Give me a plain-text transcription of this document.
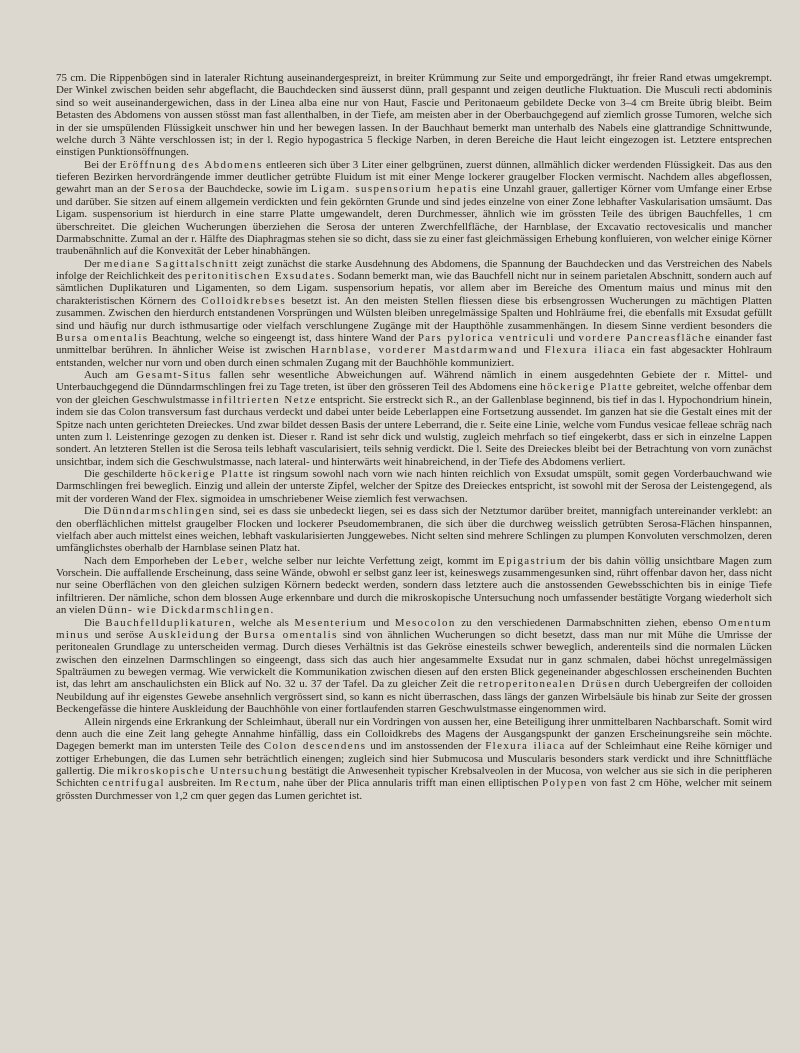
75 cm. Die Rippenbögen sind in lateraler Richtung auseinandergespreizt, in breiter Krümmung zur Seite und emporgedrängt, ihr freier Rand etwas umgekrempt. Der Winkel zwischen beiden sehr abgeflacht, die Bauchdecken sind äusserst dünn, prall gespannt und zeigen deutliche Fluktuation. Die Musculi recti abdominis sind so weit auseinandergewichen, dass in der Linea alba eine nur von Haut, Fascie und Peritonaeum gebildete Decke von 3–4 cm Breite übrig bleibt. Beim Betasten des Abdomens von aussen stösst man fast allenthalben, in der Tiefe, am meisten aber in der Oberbauchgegend auf ziemlich grosse Tumoren, welche sich in der sie umspülenden Flüssigkeit unschwer hin und her bewegen lassen. In der Bauchhaut bemerkt man unterhalb des Nabels eine glattrandige Schnittwunde, welche durch 3 Nähte verschlossen ist; in der l. Regio hypogastrica 5 fleckige Narben, in deren Bereiche die Haut leicht eingezogen ist. Letztere entsprechen einstigen Punktionsöffnungen.

Bei der Eröffnung des Abdomens entleeren sich über 3 Liter einer gelbgrünen, zuerst dünnen, allmählich dicker werdenden Flüssigkeit. Das aus den tieferen Bezirken hervordrängende immer deutlicher getrübte Fluidum ist mit einer Menge lockerer graugelber Flocken vermischt. Nachdem alles abgeflossen, gewahrt man an der Serosa der Bauchdecke, sowie im Ligam. suspensorium hepatis eine Unzahl grauer, gallertiger Körner vom Umfange einer Erbse und darüber. Sie sitzen auf einem allgemein verdickten und fein gekörnten Grunde und sind jedes einzelne von einer Zone lebhafter Vaskularisation umsäumt. Das Ligam. suspensorium ist hierdurch in eine starre Platte umgewandelt, deren Durchmesser, ähnlich wie im grössten Teile des übrigen Bauchfelles, 1 cm überschreitet. Die gleichen Wucherungen überziehen die Serosa der unteren Zwerchfellfläche, der Harnblase, der Excavatio rectovesicalis und mancher Darmabschnitte. Zumal an der r. Hälfte des Diaphragmas stehen sie so dicht, dass sie zu einer fast gleichmässigen Erhebung konfluieren, von welcher einige Körner traubenähnlich auf die Konvexität der Leber hinabhängen.

Der mediane Sagittalschnitt zeigt zunächst die starke Ausdehnung des Abdomens, die Spannung der Bauchdecken und das Verstreichen des Nabels infolge der Reichlichkeit des peritonitischen Exsudates. Sodann bemerkt man, wie das Bauchfell nicht nur in seinem parietalen Abschnitt, sondern auch auf sämtlichen Duplikaturen und Ligamenten, so dem Ligam. suspensorium hepatis, vor allem aber im Bereiche des Omentum maius und minus mit den charakteristischen Körnern des Colloidkrebses besetzt ist. An den meisten Stellen fliessen diese bis erbsengrossen Wucherungen zu mächtigen Platten zusammen. Zwischen den hierdurch entstandenen Vorsprüngen und Wülsten bleiben unregelmässige Spalten und Hohlräume frei, die ebenfalls mit Exsudat gefüllt sind und häufig nur durch isthmusartige oder vielfach verschlungene Zugänge mit der Haupthöhle zusammenhängen. In diesem Sinne verdient besonders die Bursa omentalis Beachtung, welche so eingeengt ist, dass hintere Wand der Pars pylorica ventriculi und vordere Pancreasfläche einander fast unmittelbar berühren. In ähnlicher Weise ist zwischen Harnblase, vorderer Mastdarmwand und Flexura iliaca ein fast abgesackter Hohlraum entstanden, welcher nur vorn und oben durch einen schmalen Zugang mit der Bauchhöhle kommuniziert.

Auch am Gesamt-Situs fallen sehr wesentliche Abweichungen auf. Während nämlich in einem ausgedehnten Gebiete der r. Mittel- und Unterbauchgegend die Dünndarmschlingen frei zu Tage treten, ist über den grösseren Teil des Abdomens eine höckerige Platte gebreitet, welche offenbar dem von der gleichen Geschwulstmasse infiltrierten Netze entspricht. Sie erstreckt sich R., an der Gallenblase beginnend, bis tief in das l. Hypochondrium hinein, indem sie das Colon transversum fast durchaus verdeckt und dabei unter beide Leberlappen eine Fortsetzung aussendet. Im ganzen hat sie die Gestalt eines mit der Spitze nach unten gerichteten Dreieckes. Und zwar bildet dessen Basis der untere Leberrand, die r. Seite eine Linie, welche vom Fundus vesicae felleae schräg nach unten zum l. Leistenringe gezogen zu denken ist. Dieser r. Rand ist sehr dick und wulstig, zugleich mehrfach so tief eingekerbt, dass er sich in einzelne Lappen sondert. An letzteren Stellen ist die Serosa teils lebhaft vascularisiert, teils sehnig verdickt. Die l. Seite des Dreieckes bleibt bei der Betrachtung von vorn zunächst unsichtbar, indem sich die Geschwulstmasse, nach lateral- und hinterwärts weit hinabreichend, in der Tiefe des Abdomens verliert.

Die geschilderte höckerige Platte ist ringsum sowohl nach vorn wie nach hinten reichlich von Exsudat umspült, somit gegen Vorderbauchwand wie Darmschlingen frei beweglich. Einzig und allein der unterste Zipfel, welcher der Spitze des Dreieckes entspricht, ist sowohl mit der Serosa der Leistengegend, als mit der vorderen Wand der Flex. sigmoidea in umschriebener Weise ziemlich fest verwachsen.

Die Dünndarmschlingen sind, sei es dass sie unbedeckt liegen, sei es dass sich der Netztumor darüber breitet, mannigfach untereinander verklebt: an den oberflächlichen mittelst graugelber Flocken und lockerer Pseudomembranen, die sich über die durchweg weisslich getrübten Serosa-Flächen hinspannen, vielfach aber auch mittelst eines weichen, lebhaft vaskularisierten Junggewebes. Nicht selten sind mehrere Schlingen zu plumpen Konvoluten verschmolzen, deren umfänglichstes oberhalb der Harnblase seinen Platz hat.

Nach dem Emporheben der Leber, welche selber nur leichte Verfettung zeigt, kommt im Epigastrium der bis dahin völlig unsichtbare Magen zum Vorschein. Die auffallende Erscheinung, dass seine Wände, obwohl er selbst ganz leer ist, keineswegs zusammengesunken sind, rührt offenbar davon her, dass nicht nur seine Oberflächen von den gleichen sulzigen Körnern bedeckt werden, sondern dass letztere auch die anstossenden Gewebsschichten bis in einige Tiefe infiltrieren. Der nämliche, schon dem blossen Auge erkennbare und durch die mikroskopische Untersuchung noch umfassender bestätigte Vorgang wiederholt sich an vielen Dünn- wie Dickdarmschlingen.

Die Bauchfellduplikaturen, welche als Mesenterium und Mesocolon zu den verschiedenen Darmabschnitten ziehen, ebenso Omentum minus und seröse Auskleidung der Bursa omentalis sind von ähnlichen Wucherungen so dicht besetzt, dass man nur mit Mühe die Umrisse der peritonealen Grundlage zu unterscheiden vermag. Durch dieses Verhältnis ist das Gekröse einesteils schwer beweglich, anderenteils sind die normalen Lücken zwischen den einzelnen Darmschlingen so eingeengt, dass sich das auch hier angesammelte Exsudat nur in ganz schmalen, dabei höchst unregelmässigen Spalträumen zu bewegen vermag. Wie verwickelt die Kommunikation zwischen diesen auf den ersten Blick gegeneinander abgeschlossen erscheinenden Buchten ist, das lehrt am anschaulichsten ein Blick auf No. 32 u. 37 der Tafel. Da zu gleicher Zeit die retroperitonealen Drüsen durch Uebergreifen der colloiden Neubildung auf ihr eigenstes Gewebe ansehnlich vergrössert sind, so kann es nicht überraschen, dass längs der ganzen Wirbelsäule bis hinab zur Seite der grossen Beckengefässe die hintere Auskleidung der Bauchhöhle von einer fortlaufenden starren Geschwulstmasse eingenommen wird.

Allein nirgends eine Erkrankung der Schleimhaut, überall nur ein Vordringen von aussen her, eine Beteiligung ihrer unmittelbaren Nachbarschaft. Somit wird denn auch die eine Zeit lang gehegte Annahme hinfällig, dass ein Colloidkrebs des Magens der Ausgangspunkt der ganzen Erscheinungsreihe sein möchte. Dagegen bemerkt man im untersten Teile des Colon descendens und im anstossenden der Flexura iliaca auf der Schleimhaut eine Reihe körniger und zottiger Erhebungen, die das Lumen sehr beträchtlich einengen; zugleich sind hier Submucosa und Muscularis besonders stark verdickt und ihre Schnittfläche gallertig. Die mikroskopische Untersuchung bestätigt die Anwesenheit typischer Krebsalveolen in der Mucosa, von welcher aus sie sich in die peripheren Schichten centrifugal ausbreiten. Im Rectum, nahe über der Plica annularis trifft man einen elliptischen Polypen von fast 2 cm Höhe, welcher mit seinem grössten Durchmesser von 1,2 cm quer gegen das Lumen gerichtet ist.
